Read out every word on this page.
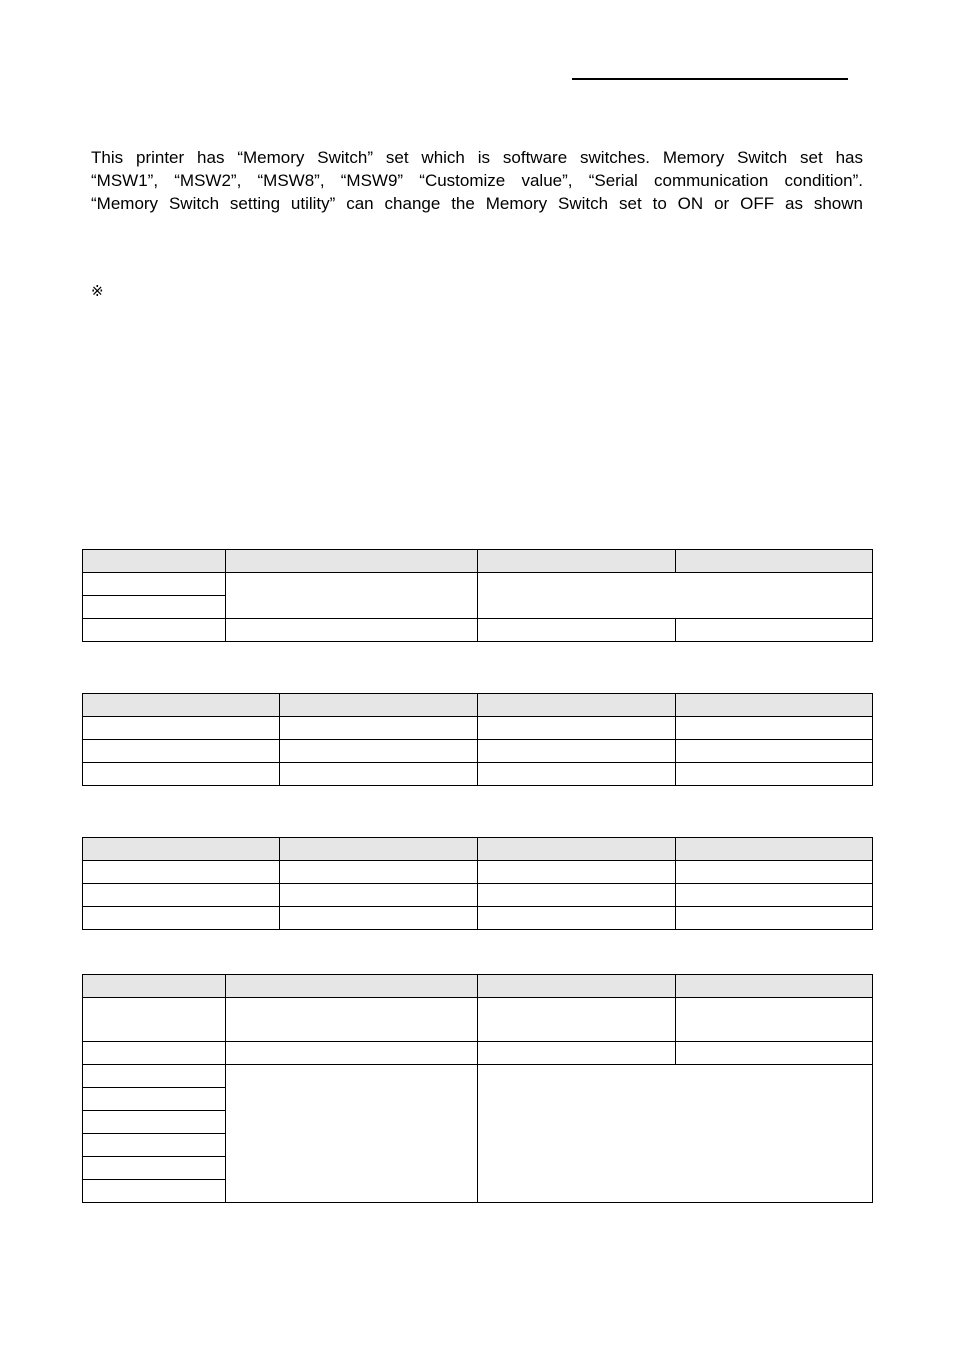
This printer has “Memory Switch” set which is software switches. Memory Switch set has
“MSW1”, “MSW2”, “MSW8”, “MSW9” “Customize value”, “Serial communication condition”.
“Memory Switch setting utility” can change the Memory Switch set to ON or OFF as shown
※
